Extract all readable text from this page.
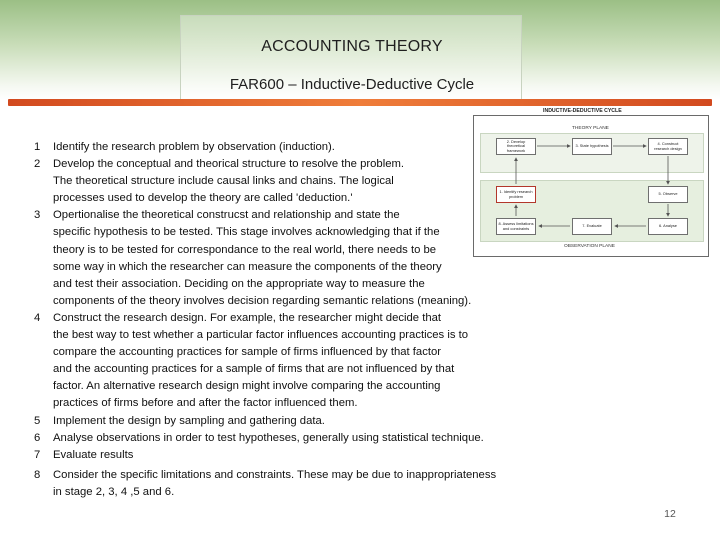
ACCOUNTING THEORY
FAR600 – Inductive-Deductive Cycle
1 Identify the research problem by observation (induction).
2 Develop the conceptual and theorical structure to resolve the problem.
The theoretical structure include causal links and chains. The logical
processes used to develop the theory are called 'deduction.'
3 Opertionalise the theoretical construcst and relationship and state the
specific hypothesis to be tested. This stage involves acknowledging that if the
theory is to be tested for correspondance to the real world, there needs to be
some way in which the researcher can measure the components of the theory
and test their association. Deciding on the appropriate way to measure the
components of the theory involves decision regarding semantic relations (meaning).
4 Construct the research design. For example, the researcher might decide that
the best way to test whether a particular factor influences accounting practices is to
compare the accounting practices for sample of firms influenced by that factor
and the accounting practices for a sample of firms that are not influenced by that
factor. An alternative research design might involve comparing the accounting
practices of firms before and after the factor influenced them.
5 Implement the design by sampling and gathering data.
6 Analyse observations in order to test hypotheses, generally using statistical technique.
7 Evaluate results
8 Consider the specific limitations and constraints. These may be due to inappropriateness
in stage 2, 3, 4 ,5 and 6.
INDUCTIVE-DEDUCTIVE CYCLE
THEORY PLANE
OBSERVATION PLANE
2. Develop theoretical framework
3. State hypothesis	4. Construct research design
1. Identify research problem	5. Observe
8. Assess limitations and constraints	7. Evaluate	6. Analyse
12
